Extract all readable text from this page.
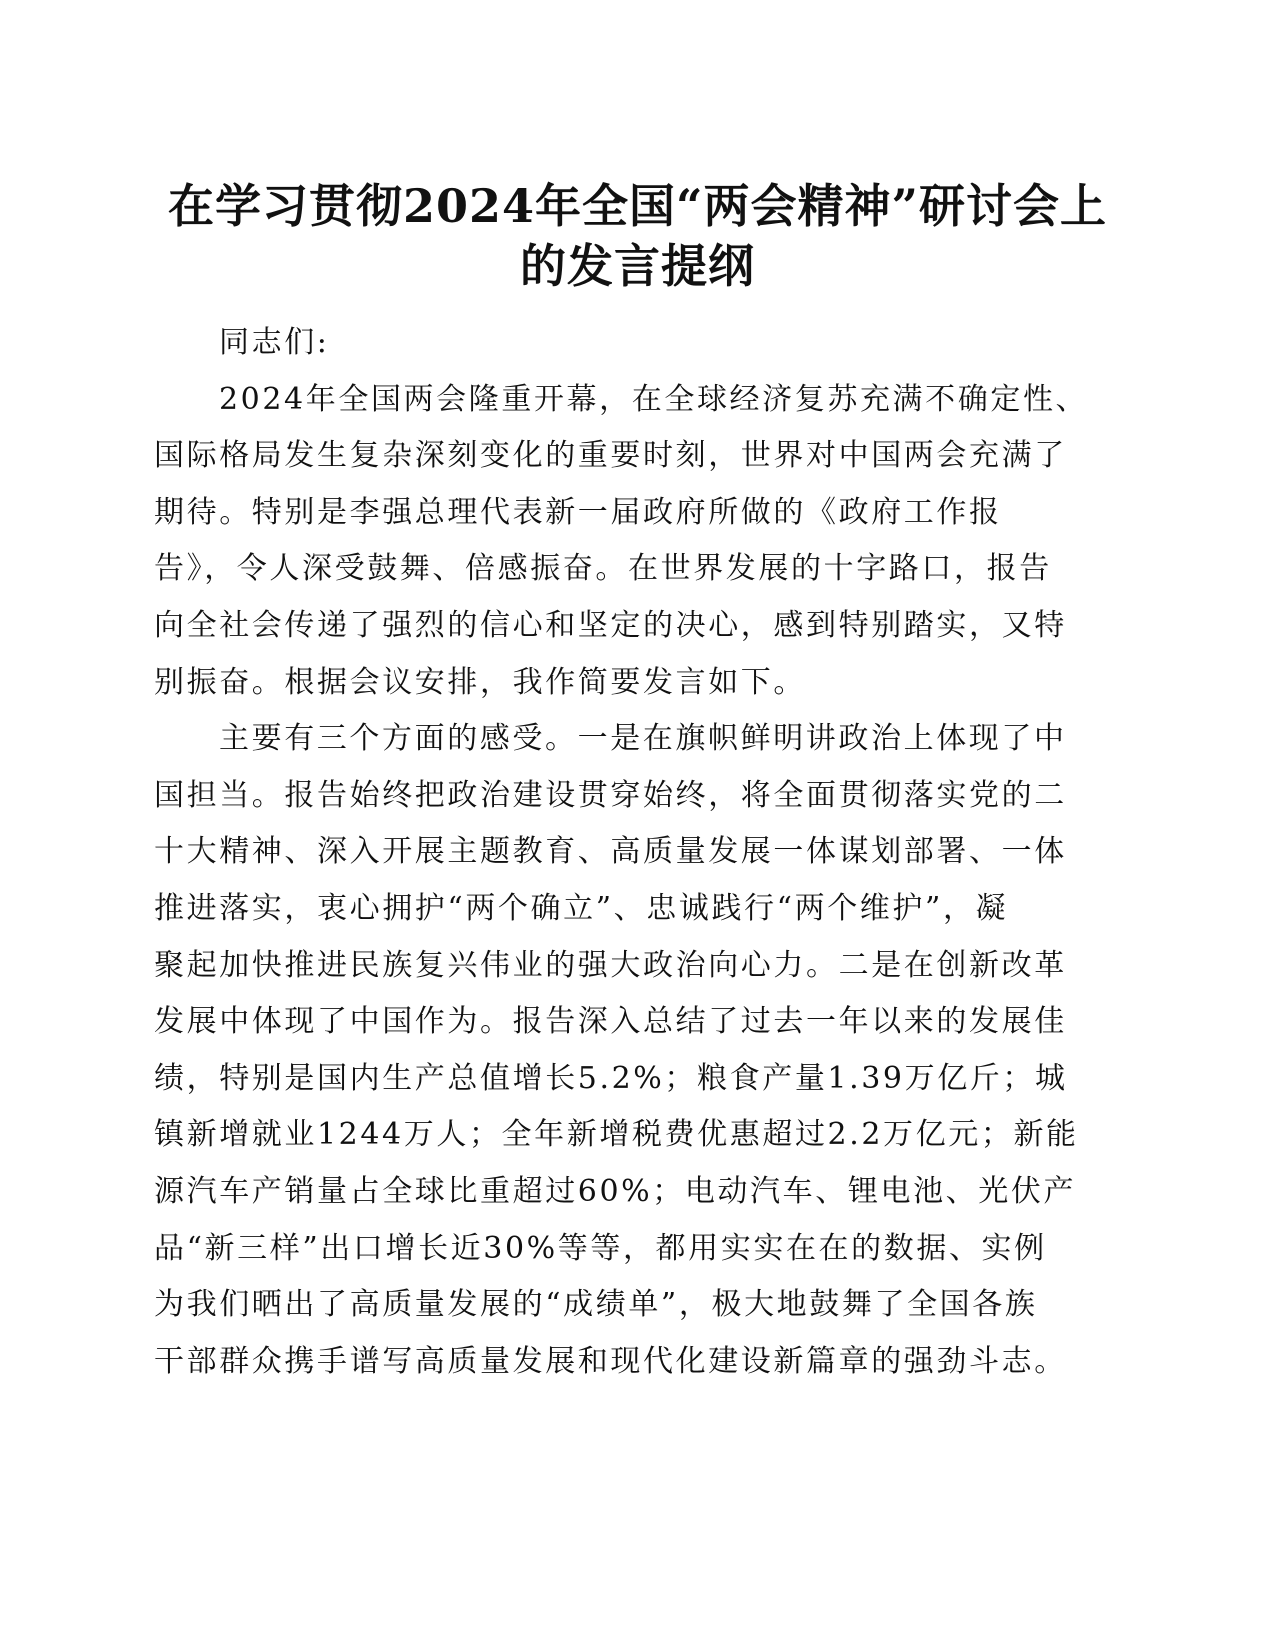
在学习贯彻2024年全国“两会精神”研讨会上
的发言提纲
同志们:
2024年全国两会隆重开幕，在全球经济复苏充满不确定性、
国际格局发生复杂深刻变化的重要时刻，世界对中国两会充满了
期待。特别是李强总理代表新一届政府所做的《政府工作报
告》，令人深受鼓舞、倍感振奋。在世界发展的十字路口，报告
向全社会传递了强烈的信心和坚定的决心，感到特别踏实，又特
别振奋。根据会议安排，我作简要发言如下。
主要有三个方面的感受。一是在旗帜鲜明讲政治上体现了中
国担当。报告始终把政治建设贯穿始终，将全面贯彻落实党的二
十大精神、深入开展主题教育、高质量发展一体谋划部署、一体
推进落实，衷心拥护“两个确立”、忠诚践行“两个维护”，凝
聚起加快推进民族复兴伟业的强大政治向心力。二是在创新改革
发展中体现了中国作为。报告深入总结了过去一年以来的发展佳
绩，特别是国内生产总值增长5.2%；粮食产量1.39万亿斤；城
镇新增就业1244万人；全年新增税费优惠超过2.2万亿元；新能
源汽车产销量占全球比重超过60%；电动汽车、锂电池、光伏产
品“新三样”出口增长近30%等等，都用实实在在的数据、实例
为我们晒出了高质量发展的“成绩单”，极大地鼓舞了全国各族
干部群众携手谱写高质量发展和现代化建设新篇章的强劲斗志。
